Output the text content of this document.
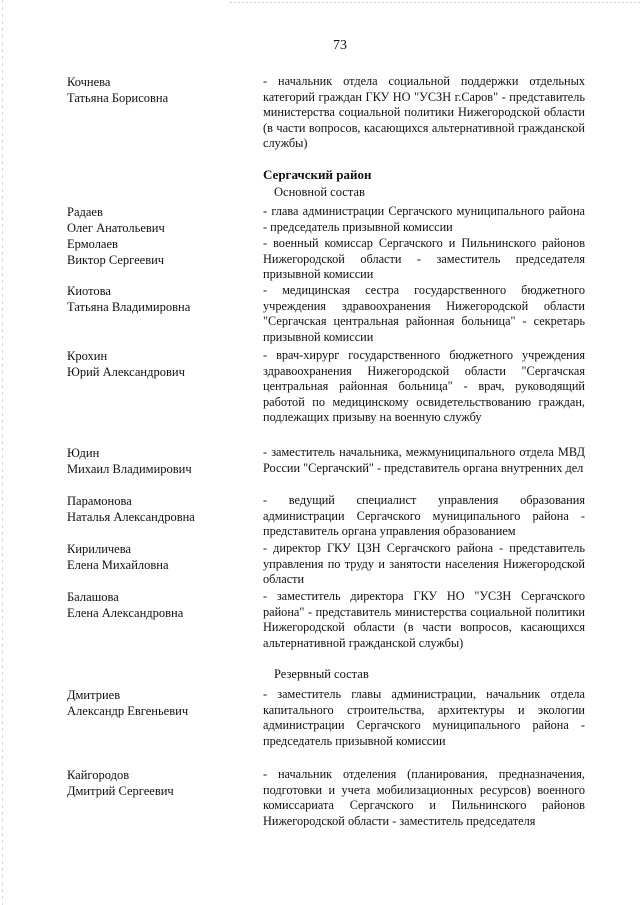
73
Кочнева
Татьяна Борисовна
- начальник отдела социальной поддержки отдельных категорий граждан ГКУ НО "УСЗН г.Саров" - представитель министерства социальной политики Нижегородской области (в части вопросов, касающихся альтернативной гражданской службы)
Сергачский район
Основной состав
Радаев
Олег Анатольевич
- глава администрации Сергачского муниципального района - председатель призывной комиссии
Ермолаев
Виктор Сергеевич
- военный комиссар Сергачского и Пильнинского районов Нижегородской области - заместитель председателя призывной комиссии
Киотова
Татьяна Владимировна
- медицинская сестра государственного бюджетного учреждения здравоохранения Нижегородской области "Сергачская центральная районная больница" - секретарь призывной комиссии
Крохин
Юрий Александрович
- врач-хирург государственного бюджетного учреждения здравоохранения Нижегородской области "Сергачская центральная районная больница" - врач, руководящий работой по медицинскому освидетельствованию граждан, подлежащих призыву на военную службу
Юдин
Михаил Владимирович
- заместитель начальника, межмуниципального отдела МВД России "Сергачский" - представитель органа внутренних дел
Парамонова
Наталья Александровна
- ведущий специалист управления образования администрации Сергачского муниципального района - представитель органа управления образованием
Кириличева
Елена Михайловна
- директор ГКУ ЦЗН Сергачского района - представитель управления по труду и занятости населения Нижегородской области
Балашова
Елена Александровна
- заместитель директора ГКУ НО "УСЗН Сергачского района" - представитель министерства социальной политики Нижегородской области (в части вопросов, касающихся альтернативной гражданской службы)
Резервный состав
Дмитриев
Александр Евгеньевич
- заместитель главы администрации, начальник отдела капитального строительства, архитектуры и экологии администрации Сергачского муниципального района - председатель призывной комиссии
Кайгородов
Дмитрий Сергеевич
- начальник отделения (планирования, предназначения, подготовки и учета мобилизационных ресурсов) военного комиссариата Сергачского и Пильнинского районов Нижегородской области - заместитель председателя
